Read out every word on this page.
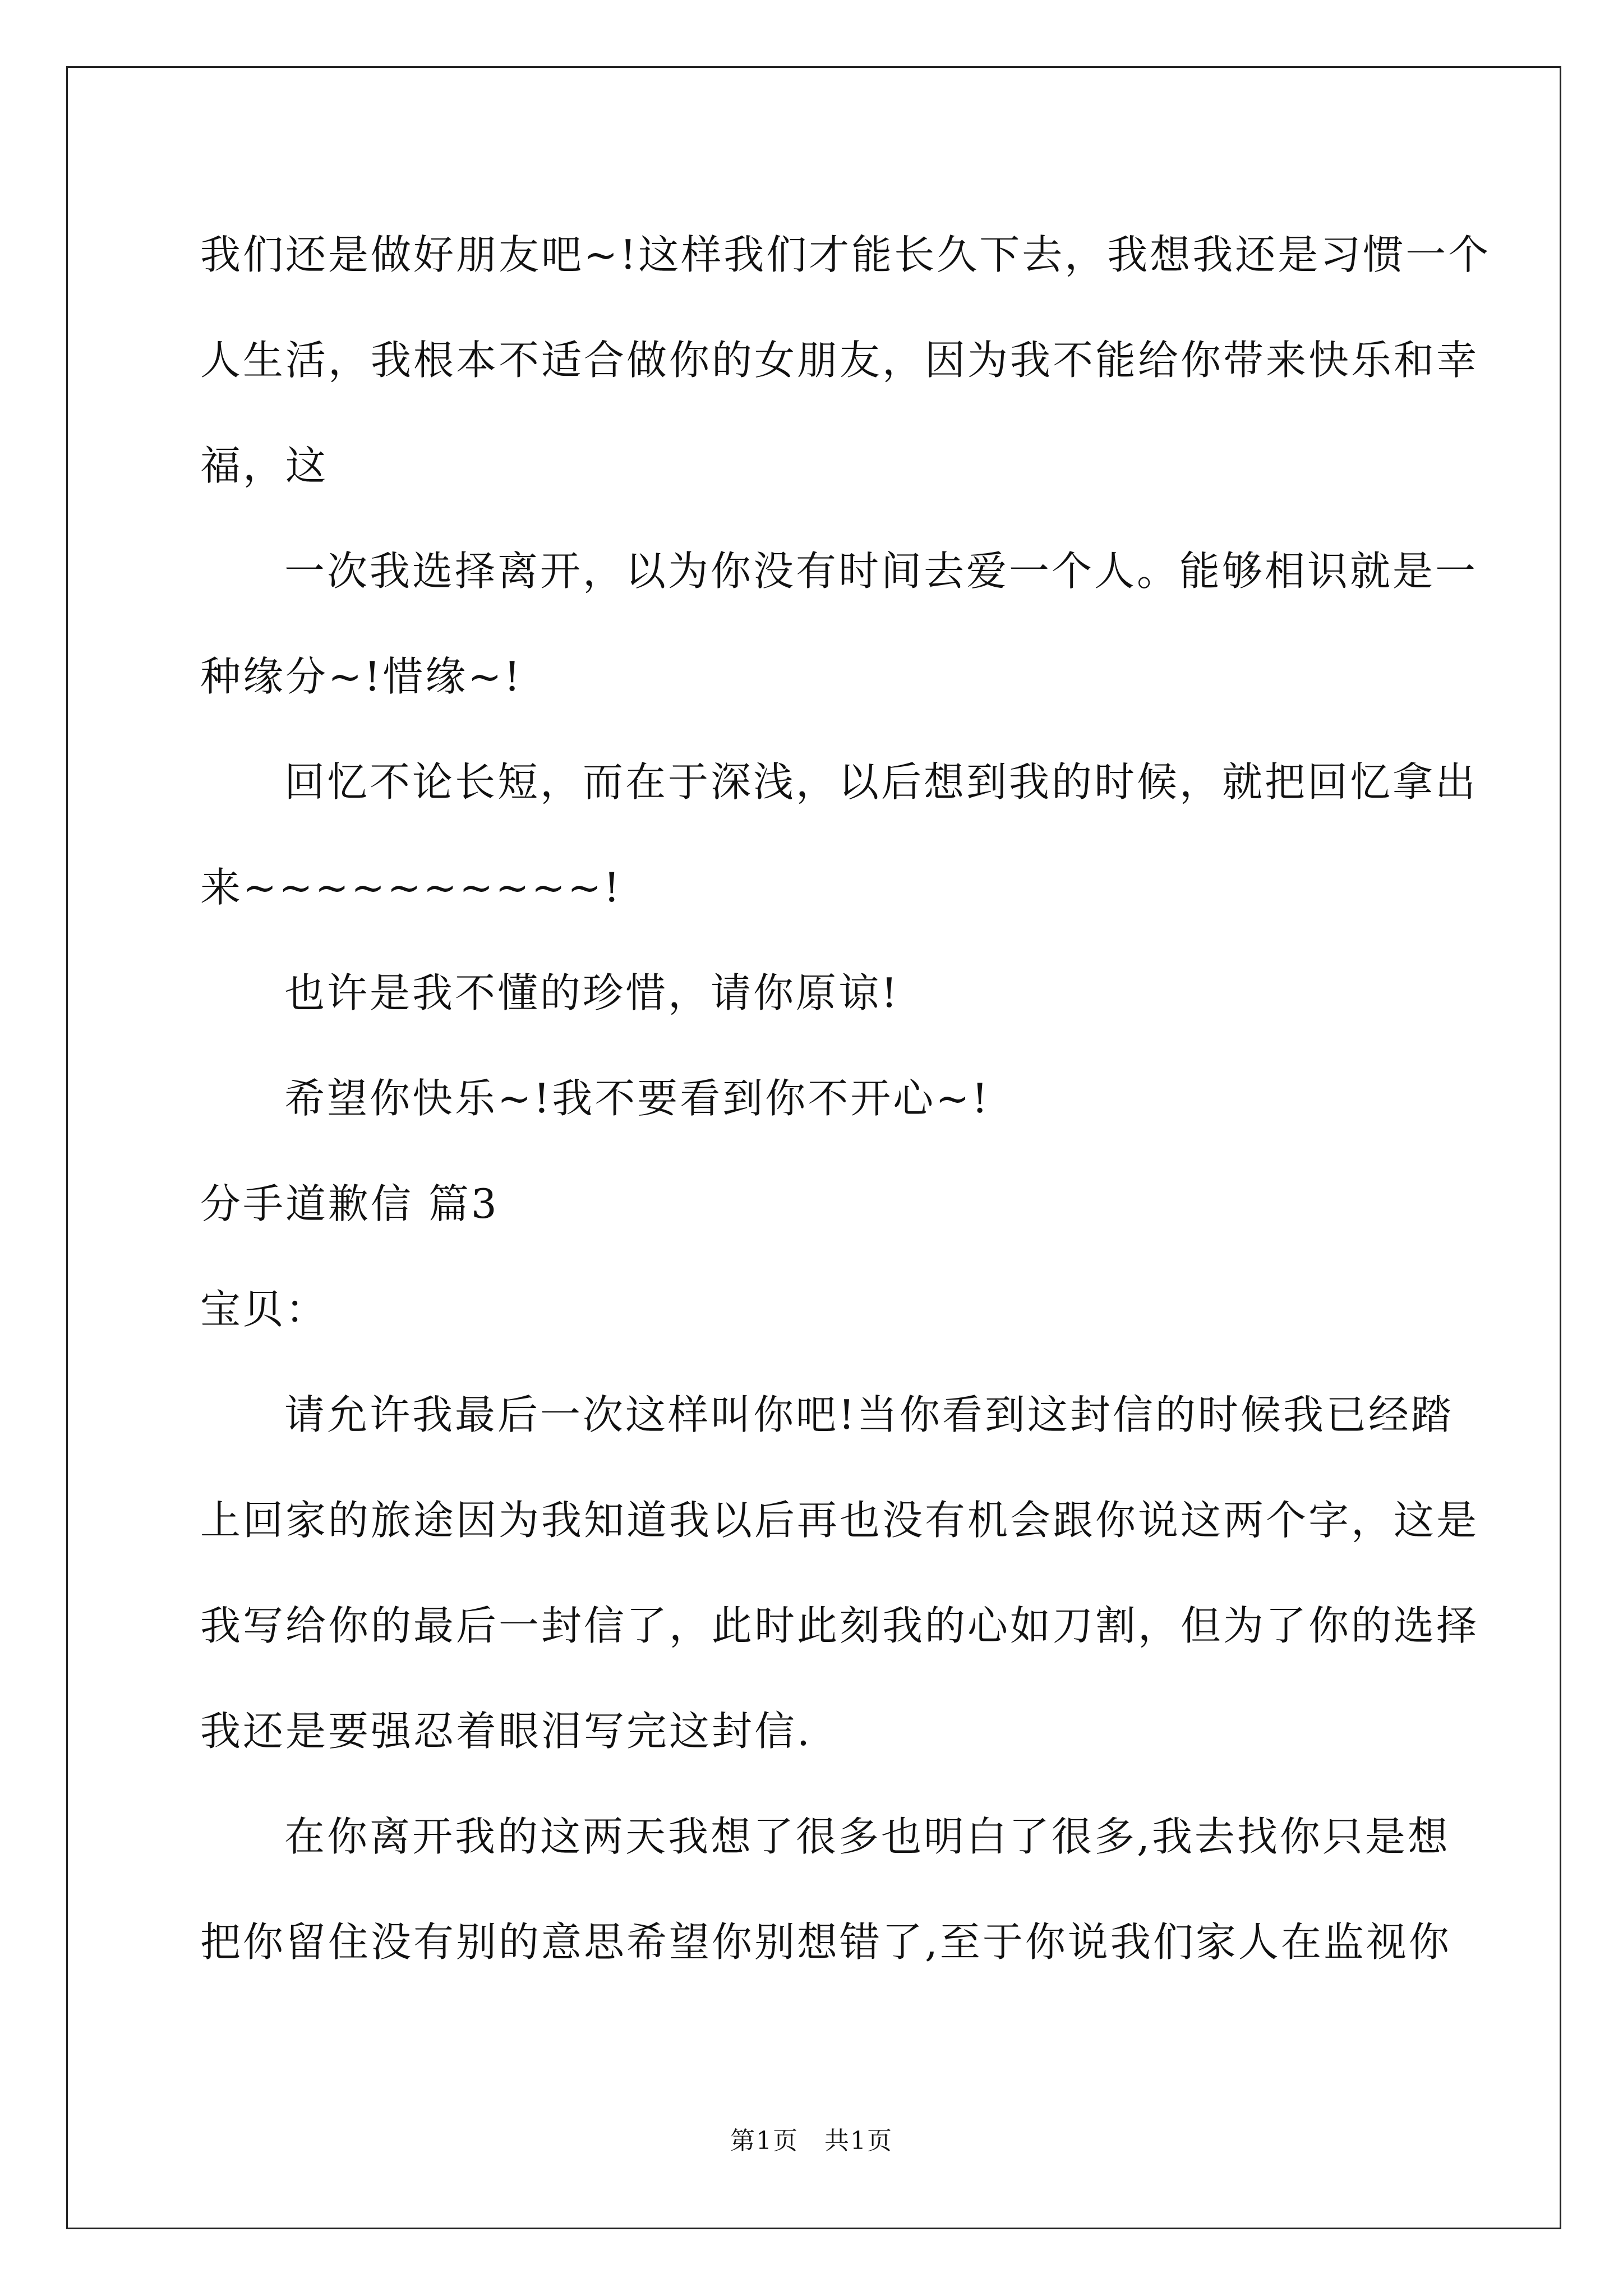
我们还是做好朋友吧~!这样我们才能长久下去，我想我还是习惯一个
人生活，我根本不适合做你的女朋友，因为我不能给你带来快乐和幸
福，这
一次我选择离开，以为你没有时间去爱一个人。能够相识就是一
种缘分~!惜缘~!
回忆不论长短，而在于深浅，以后想到我的时候，就把回忆拿出
来~~~~~~~~~~!
也许是我不懂的珍惜，请你原谅!
希望你快乐~!我不要看到你不开心~!
分手道歉信 篇3
宝贝：
请允许我最后一次这样叫你吧!当你看到这封信的时候我已经踏
上回家的旅途因为我知道我以后再也没有机会跟你说这两个字，这是
我写给你的最后一封信了，此时此刻我的心如刀割，但为了你的选择
我还是要强忍着眼泪写完这封信.
在你离开我的这两天我想了很多也明白了很多,我去找你只是想
把你留住没有别的意思希望你别想错了,至于你说我们家人在监视你
第1页　共1页
